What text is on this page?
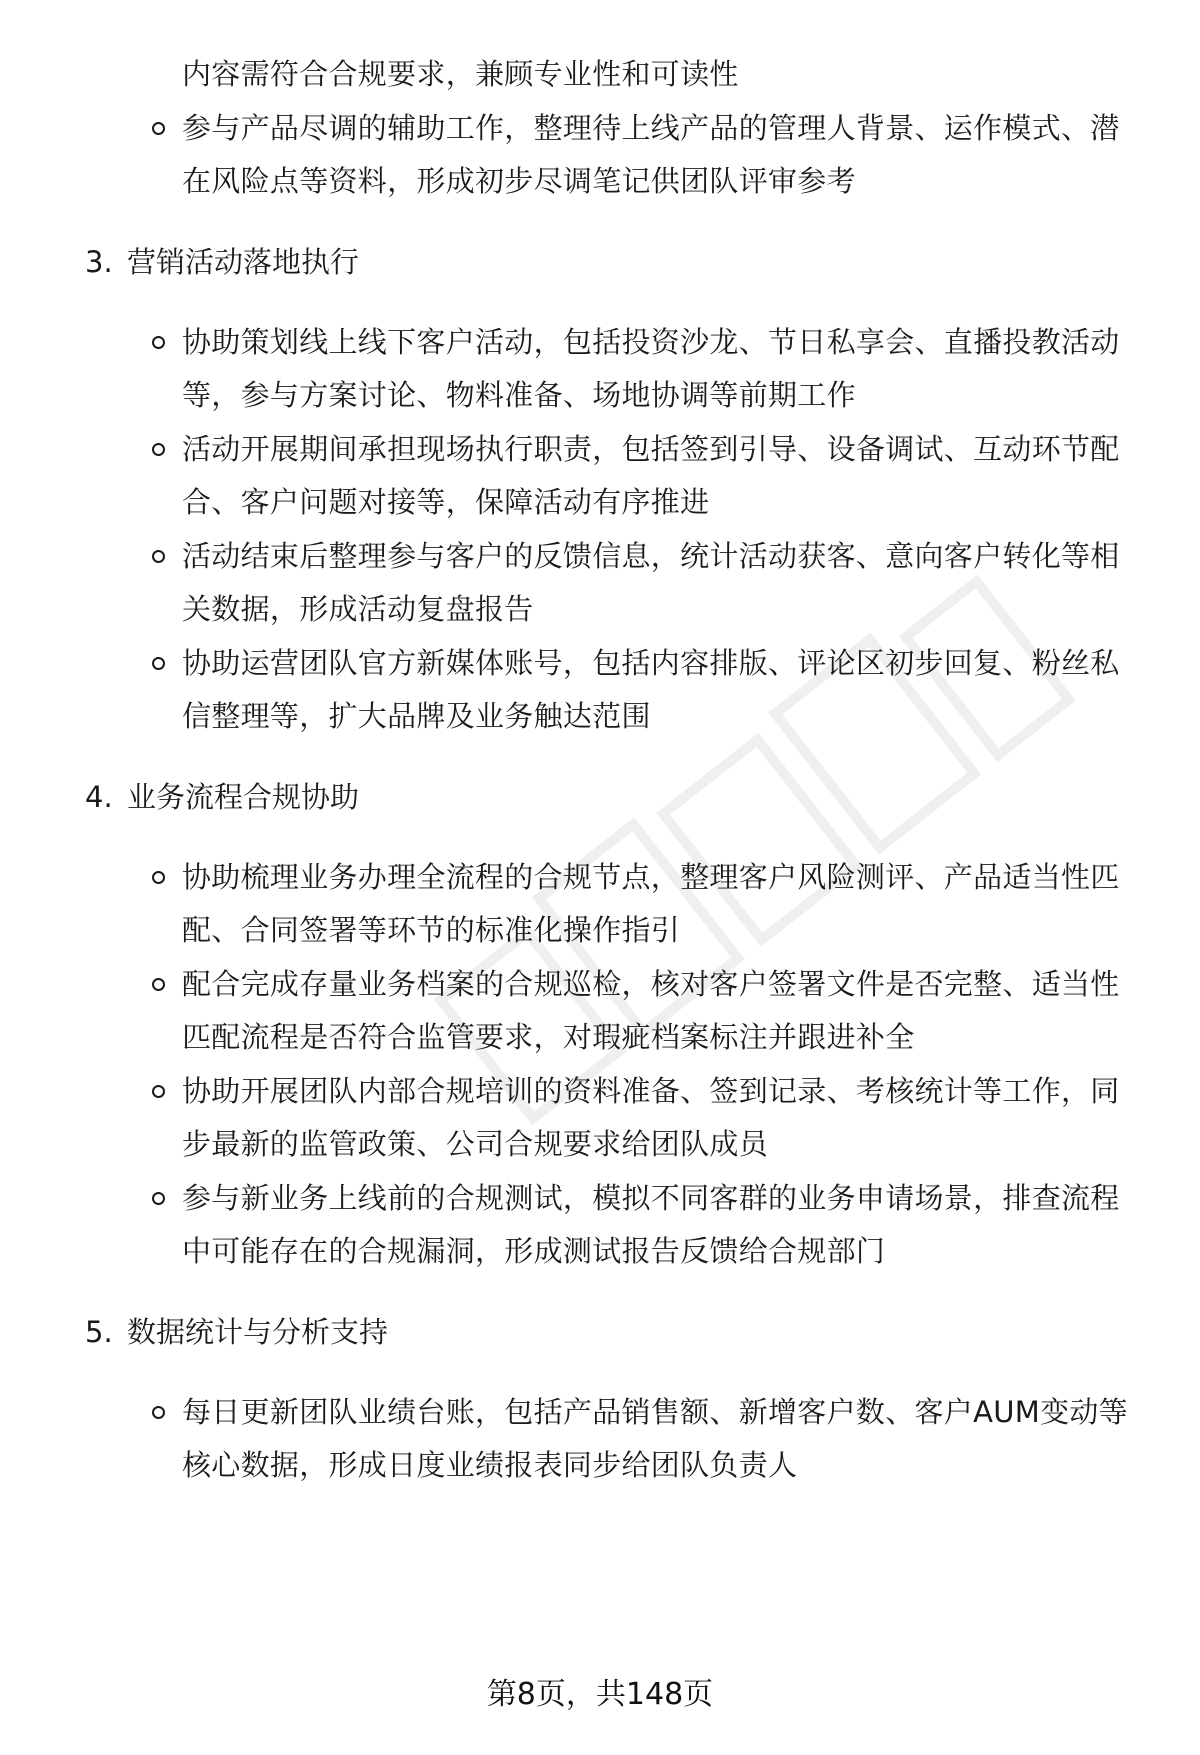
内容需符合合规要求，兼顾专业性和可读性
参与产品尽调的辅助工作，整理待上线产品的管理人背景、运作模式、潜
在风险点等资料，形成初步尽调笔记供团队评审参考
3. 营销活动落地执行
协助策划线上线下客户活动，包括投资沙龙、节日私享会、直播投教活动
等，参与方案讨论、物料准备、场地协调等前期工作
活动开展期间承担现场执行职责，包括签到引导、设备调试、互动环节配
合、客户问题对接等，保障活动有序推进
活动结束后整理参与客户的反馈信息，统计活动获客、意向客户转化等相
关数据，形成活动复盘报告
协助运营团队官方新媒体账号，包括内容排版、评论区初步回复、粉丝私
信整理等，扩大品牌及业务触达范围
4. 业务流程合规协助
协助梳理业务办理全流程的合规节点，整理客户风险测评、产品适当性匹
配、合同签署等环节的标准化操作指引
配合完成存量业务档案的合规巡检，核对客户签署文件是否完整、适当性
匹配流程是否符合监管要求，对瑕疵档案标注并跟进补全
协助开展团队内部合规培训的资料准备、签到记录、考核统计等工作，同
步最新的监管政策、公司合规要求给团队成员
参与新业务上线前的合规测试，模拟不同客群的业务申请场景，排查流程
中可能存在的合规漏洞，形成测试报告反馈给合规部门
5. 数据统计与分析支持
每日更新团队业绩台账，包括产品销售额、新增客户数、客户AUM变动等
核心数据，形成日度业绩报表同步给团队负责人
第8页，共148页
